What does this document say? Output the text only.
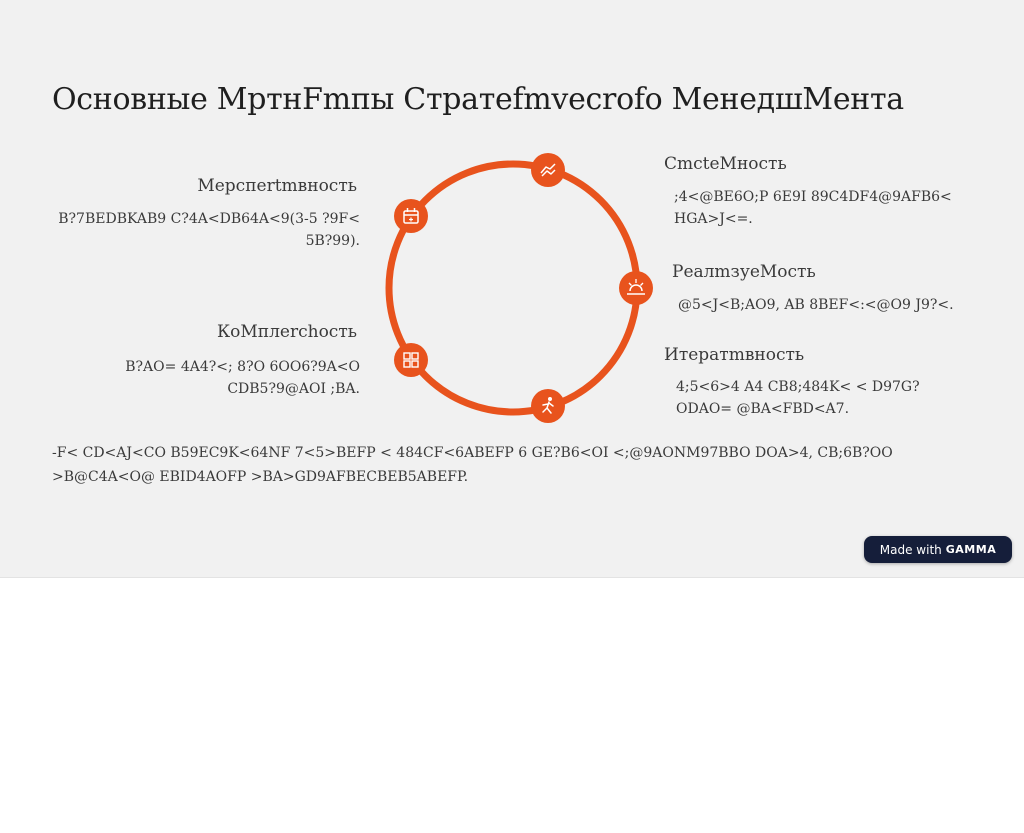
Основные МртнFmпы Стратеfmvecrofo МенедшМента
Мерспеrtmвность
B?7BEDBKAB9 C?4A<DB64A<9(3-5 ?9F< 5B?99).
КоМплеrchocть
B?AO= 4A4?<; 8?O 6OO6?9A<O CDB5?9@AOI ;BA.
СmcteМнocть
;4<@BE6O;P 6E9I 89C4DF4@9AFB6< HGA>J<=.
РеалmзуеМость
@5<J<B;AO9, AB 8BEF<:<@O9 J9?<.
Итеpатmвность
4;5<6>4 A4 CB8;484K< < D97G?ODAO= @BA<FBD<A7.
-F< CD<AJ<CO B59EC9K<64NF 7<5>BEFP < 484CF<6ABEFP 6 GE?B6<OI <;@9AONM97BBO DOA>4, CB;6B?OO >B@C4A<O@ EBID4AOFP >BA>GD9AFBECBEB5ABEFP.
Made with GAMMA
